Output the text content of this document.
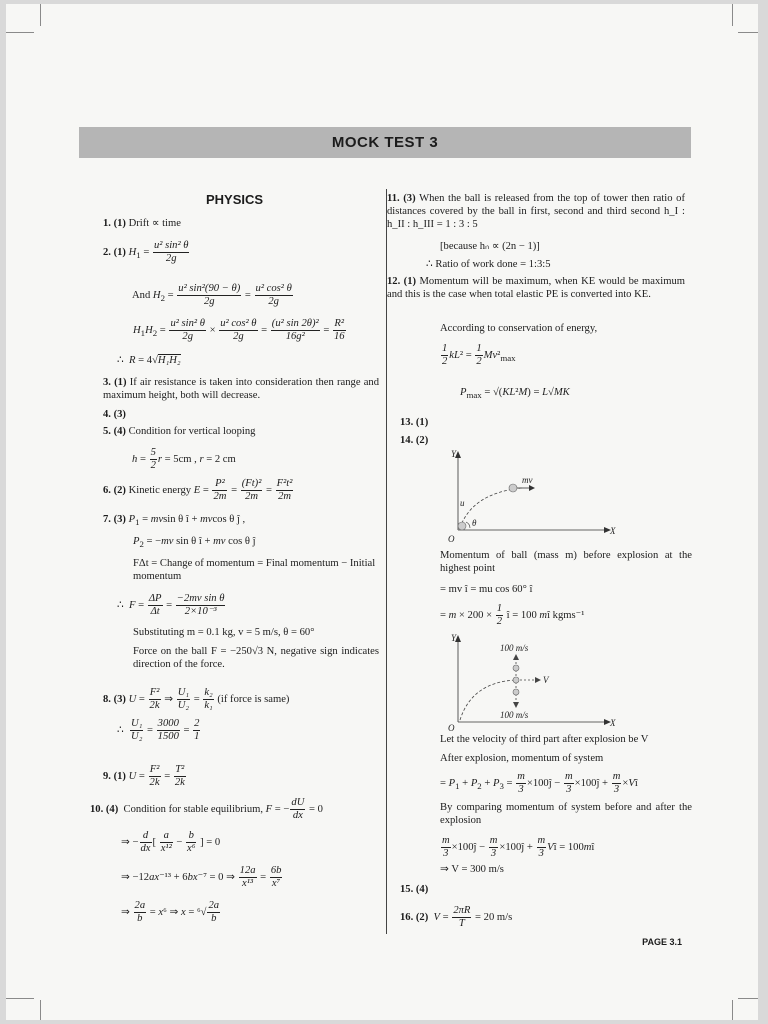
MOCK TEST 3
PHYSICS
1. (1) Drift ∝ time
2. (1) $H_1 = \frac{\text{u² sin² θ}}{2g}$
And $H_2 = \frac{\text{u² sin²(90 − θ)}}{2g} = \frac{\text{u² cos² θ}}{2g}$
$H_1H_2 = \frac{\text{u² sin² θ}}{2g} \times \frac{\text{u² cos² θ}}{2g} = \frac{\text{(u² sin 2θ)²}}{\text{16g²}} = \frac{\text{R²}}{16}$
∴  R = 4√H₁H₂
3. (1) If air resistance is taken into consideration then range and maximum height, both will decrease.
4. (3)
5. (4) Condition for vertical looping
$h = \frac{5}{2}$ r = 5cm , r = 2 cm
6. (2) Kinetic energy $E = \frac{\text{P²}}{2m} = \frac{\text{(Ft)²}}{2m} = \frac{\text{F²t²}}{2m}$
7. (3) $P_1 = mvsin$ θ î + mvcos θ ĵ ,
$P_2 = -mv$ sin θ î + mv cos θ ĵ
FΔt = Change of momentum = Final momentum − Initial momentum
∴  $F = \frac{\Delta P}{\Delta t} = \frac{\text{−2mv sin θ}}{\text{2×10⁻³}}$
Substituting m = 0.1 kg, v = 5 m/s, θ = 60°
Force on the ball F = −250√3 N, negative sign indicates direction of the force.
8. (3) $U = \frac{\text{F²}}{2k}$ ⇒ $\frac{\text{U₁}}{\text{U₂}} = \frac{\text{k₂}}{\text{k₁}} (if$ force is same)
∴ $\frac{\text{U₁}}{\text{U₂}} = \frac{3000}{1500} = \frac{2}{1}$
9. (1) $U = \frac{\text{F²}}{2k} = \frac{\text{T²}}{2k}$
10. (4)  Condition for stable equilibrium, F = − $\frac{dU}{dx} = 0$
⇒ − $\frac{d}{dx}$ [ $\frac{a}{\text{x¹²}} - \frac{b}{\text{x⁶}}$ ] = 0
⇒ −12ax⁻¹³ + 6bx⁻⁷ = 0 ⇒ $\frac{12a}{\text{x¹³}} = \frac{6b}{\text{x⁷}}$
⇒ $\frac{2a}{b} = x^6$ ⇒ $x = ^6√ \frac{2a}{b}$
11. (3) When the ball is released from the top of tower then ratio of distances covered by the ball in first, second and third second h_I : h_II : h_III = 1 : 3 : 5
[because hₙ ∝ (2n − 1)]
∴ Ratio of work done = 1:3:5
12. (1) Momentum will be maximum, when KE would be maximum and this is the case when total elastic PE is converted into KE.
According to conservation of energy,
$\frac{1}{2} kL^2 = \frac{1}{2} Mv^2_{max}$
$P_{max} = √(KL^2M) = L√MK$
13. (1)
14. (2)
Y
X
O
θ
u
mv
Momentum of ball (mass m) before explosion at the highest point
= mv î = mu cos 60° î
= $m \times 200 \times \frac{1}{2}$ î = 100 mî kgms⁻¹
Y
X
O
100 m/s
100 m/s
V
Let the velocity of third part after explosion be V
After explosion, momentum of system
= $P_1 + P_2 + P_3 = \frac{m}{3}$ ×100ĵ − $\frac{m}{3}$ ×100ĵ + $\frac{m}{3}$ ×Vî
By comparing momentum of system before and after the explosion
$\frac{m}{3}$ ×100ĵ − $\frac{m}{3}$ ×100ĵ + $\frac{m}{3}$ Vî = 100mî
⇒ V = 300 m/s
15. (4)
16. (2) $V = \frac{2\pi R}{T} = 20$ m/s
PAGE 3.1
